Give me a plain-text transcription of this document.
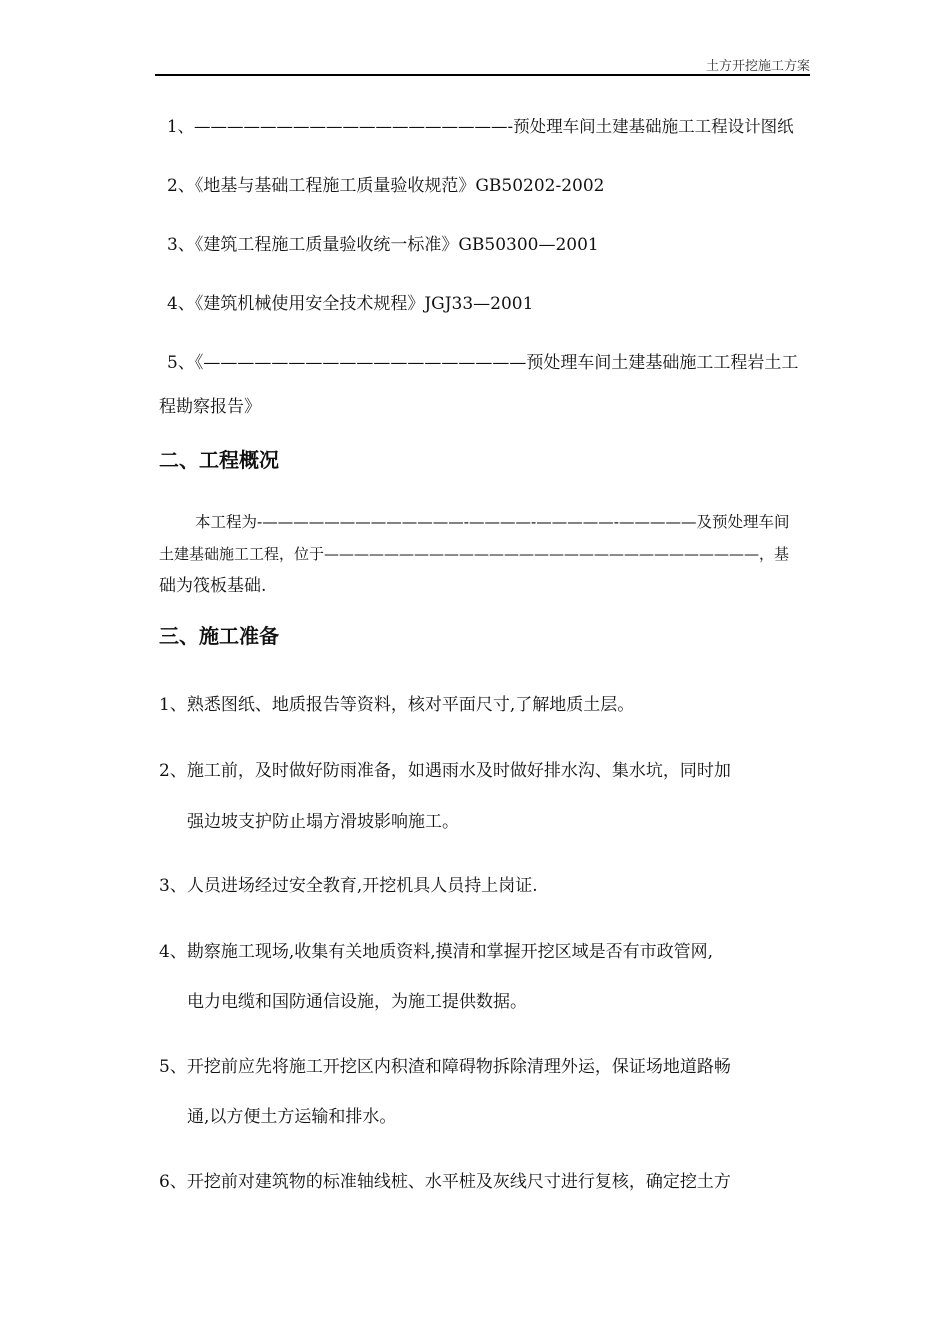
土方开挖施工方案
1、———————————————————-预处理车间土建基础施工工程设计图纸
2、《地基与基础工程施工质量验收规范》GB50202-2002
3、《建筑工程施工质量验收统一标准》GB50300—2001
4、《建筑机械使用安全技术规程》JGJ33—2001
5、《———————————————————预处理车间土建基础施工工程岩土工
程勘察报告》
二、工程概况
本工程为-—————————————-————-—————-—————及预处理车间
土建基础施工工程，位于—————————————————————————————，基
础为筏板基础.
三、施工准备
1、熟悉图纸、地质报告等资料，核对平面尺寸,了解地质土层。
2、施工前，及时做好防雨准备，如遇雨水及时做好排水沟、集水坑，同时加
强边坡支护防止塌方滑坡影响施工。
3、人员进场经过安全教育,开挖机具人员持上岗证.
4、勘察施工现场,收集有关地质资料,摸清和掌握开挖区域是否有市政管网,
电力电缆和国防通信设施，为施工提供数据。
5、开挖前应先将施工开挖区内积渣和障碍物拆除清理外运，保证场地道路畅
通,以方便土方运输和排水。
6、开挖前对建筑物的标准轴线桩、水平桩及灰线尺寸进行复核，确定挖土方
